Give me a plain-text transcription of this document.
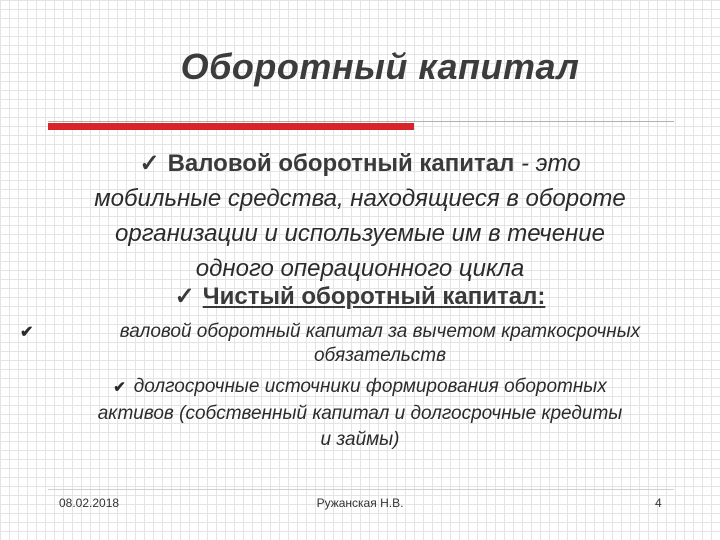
Оборотный капитал
✓ Валовой оборотный капитал - это
мобильные средства, находящиеся в обороте
организации и используемые им в течение
одного операционного цикла
✓ Чистый оборотный капитал:
✔	валовой оборотный капитал за вычетом краткосрочных
обязательств
✔ долгосрочные источники формирования оборотных
активов (собственный капитал и долгосрочные кредиты
и займы)
08.02.2018	Ружанская Н.В.	4
